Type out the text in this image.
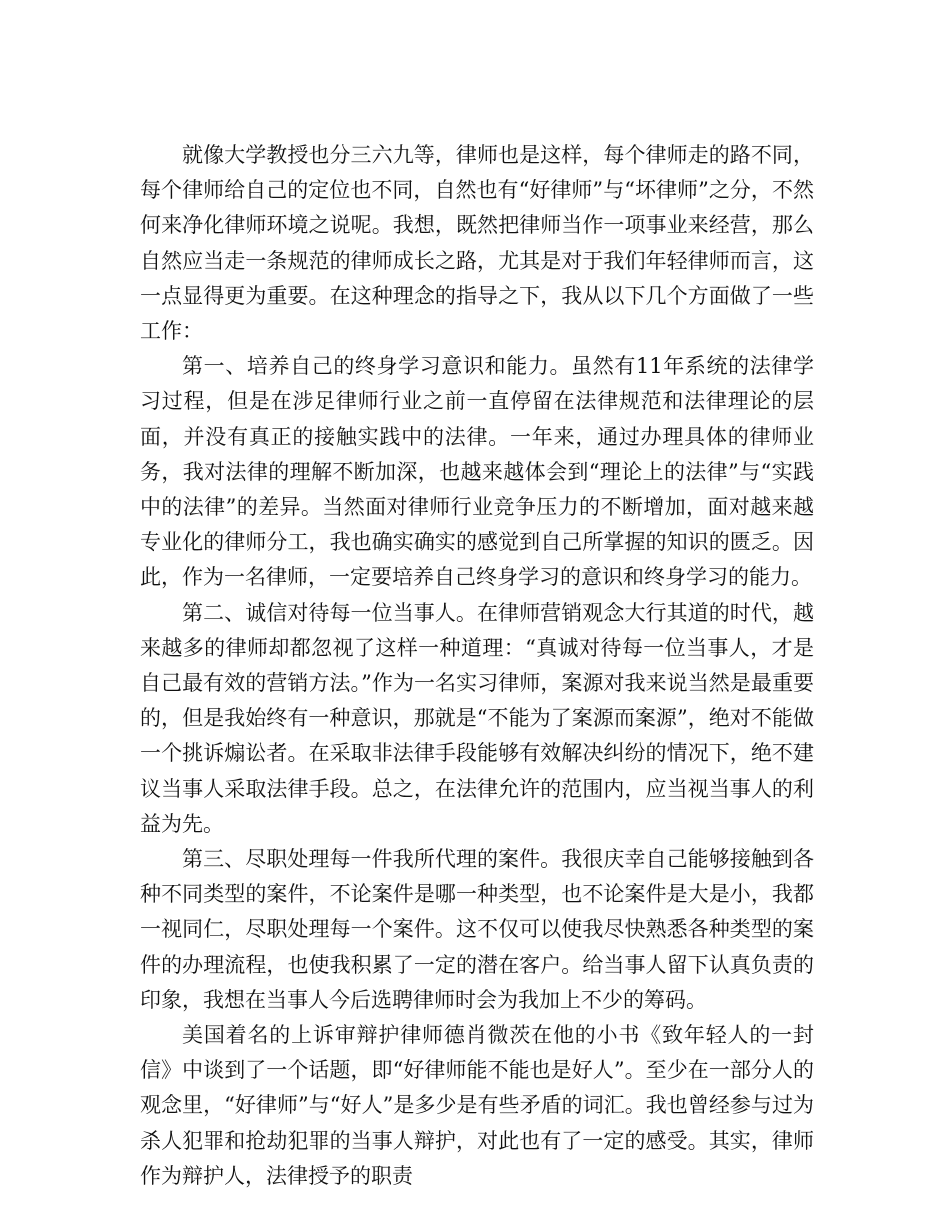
就像大学教授也分三六九等，律师也是这样，每个律师走的路不同，每个律师给自己的定位也不同，自然也有“好律师”与“坏律师”之分，不然何来净化律师环境之说呢。我想，既然把律师当作一项事业来经营，那么自然应当走一条规范的律师成长之路，尤其是对于我们年轻律师而言，这一点显得更为重要。在这种理念的指导之下，我从以下几个方面做了一些工作：

第一、培养自己的终身学习意识和能力。虽然有11年系统的法律学习过程，但是在涉足律师行业之前一直停留在法律规范和法律理论的层面，并没有真正的接触实践中的法律。一年来，通过办理具体的律师业务，我对法律的理解不断加深，也越来越体会到“理论上的法律”与“实践中的法律”的差异。当然面对律师行业竞争压力的不断增加，面对越来越专业化的律师分工，我也确实确实的感觉到自己所掌握的知识的匮乏。因此，作为一名律师，一定要培养自己终身学习的意识和终身学习的能力。

第二、诚信对待每一位当事人。在律师营销观念大行其道的时代，越来越多的律师却都忽视了这样一种道理：“真诚对待每一位当事人，才是自己最有效的营销方法。”作为一名实习律师，案源对我来说当然是最重要的，但是我始终有一种意识，那就是“不能为了案源而案源”，绝对不能做一个挑诉煽讼者。在采取非法律手段能够有效解决纠纷的情况下，绝不建议当事人采取法律手段。总之，在法律允许的范围内，应当视当事人的利益为先。

第三、尽职处理每一件我所代理的案件。我很庆幸自己能够接触到各种不同类型的案件，不论案件是哪一种类型，也不论案件是大是小，我都一视同仁，尽职处理每一个案件。这不仅可以使我尽快熟悉各种类型的案件的办理流程，也使我积累了一定的潜在客户。给当事人留下认真负责的印象，我想在当事人今后选聘律师时会为我加上不少的筹码。

美国着名的上诉审辩护律师德肖微茨在他的小书《致年轻人的一封信》中谈到了一个话题，即“好律师能不能也是好人”。至少在一部分人的观念里，“好律师”与“好人”是多少是有些矛盾的词汇。我也曾经参与过为杀人犯罪和抢劫犯罪的当事人辩护，对此也有了一定的感受。其实，律师作为辩护人，法律授予的职责
